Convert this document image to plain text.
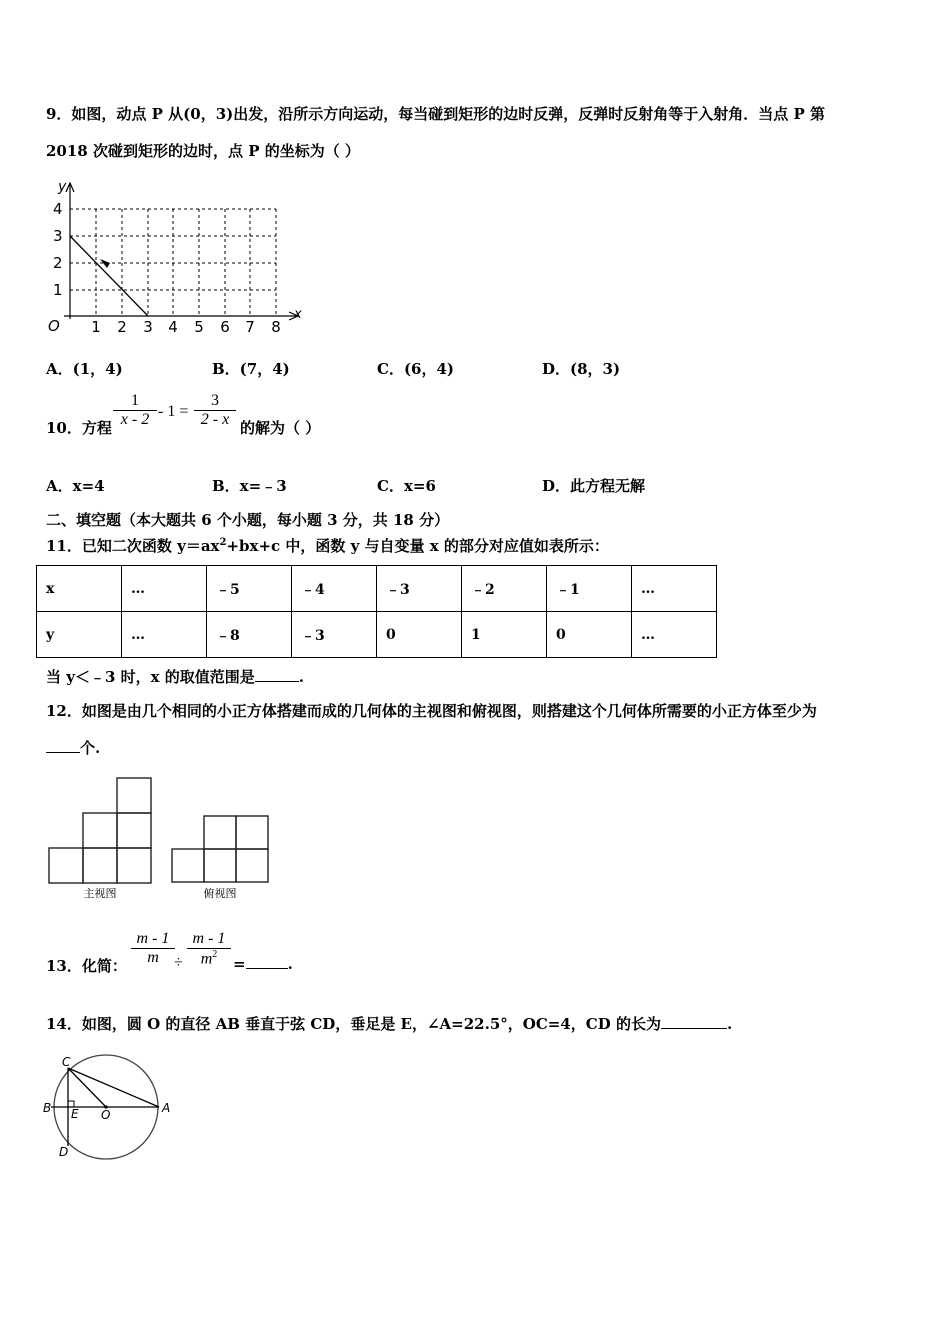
9．如图，动点 P 从(0，3)出发，沿所示方向运动，每当碰到矩形的边时反弹，反弹时反射角等于入射角．当点 P 第
2018 次碰到矩形的边时，点 P 的坐标为（ ）
y
x
O
1
2
3
4
1 2 3 4 5 6 7 8
A．(1，4)	B．(7，4)	C．(6，4)	D．(8，3)
10．方程
1
x - 2 - 1 =
3
2 - x 的解为（ ）
A．x=4	B．x=﹣3	C．x=6	D．此方程无解
二、填空题（本大题共 6 个小题，每小题 3 分，共 18 分）
11．已知二次函数 $y=ax^2+bx+c$ 中，函数 y 与自变量 x 的部分对应值如表所示：
x	…	﹣5	﹣4	﹣3	﹣2	﹣1	…
y	…	﹣8	﹣3	0	1	0	…
当 y＜﹣3 时，x 的取值范围是	.
12．如图是由几个相同的小正方体搭建而成的几何体的主视图和俯视图，则搭建这个几何体所需要的小正方体至少为
个.
主视图	俯视图
13．化简：
m - 1
m ÷
m - 1
$m^2$
=	.
14．如图，圆 O 的直径 AB 垂直于弦 CD，垂足是 E，∠A=22.5°，OC=4，CD 的长为	.
C
B E O	A
D
